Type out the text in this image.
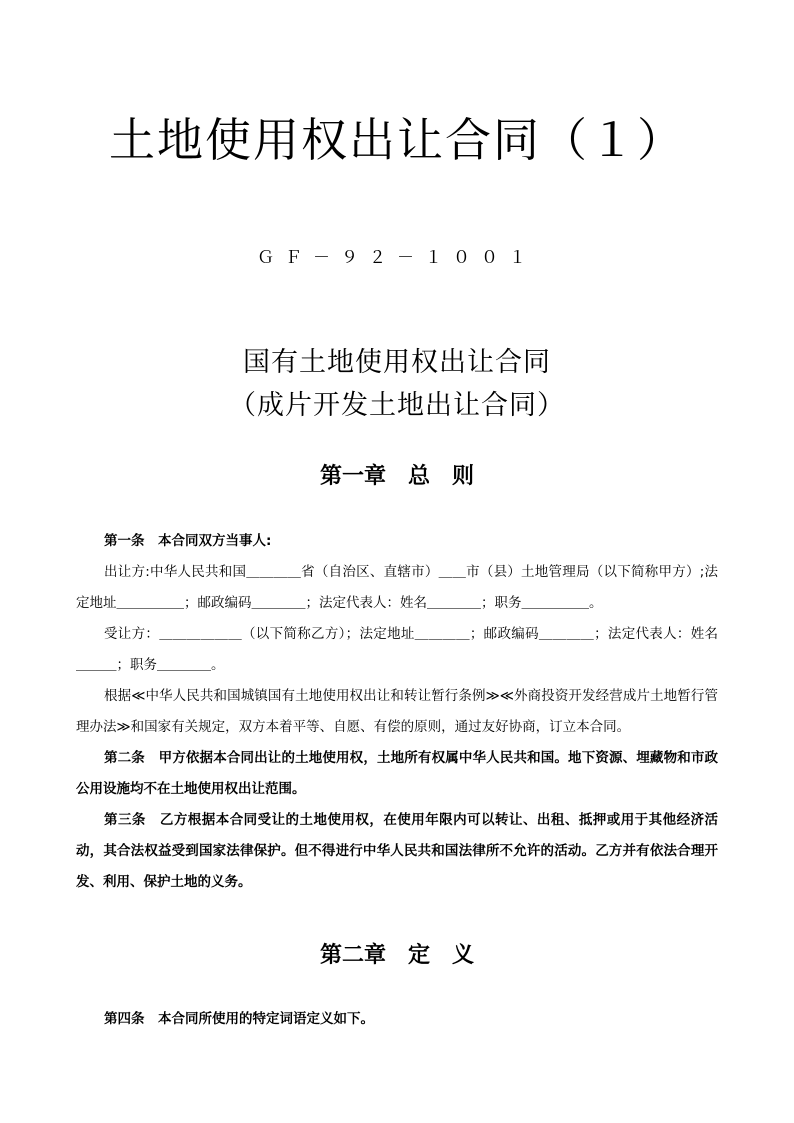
土地使用权出让合同（１）
ＧＦ－９２－１００１
国有土地使用权出让合同
（成片开发土地出让合同）
第一章　总　则

第一条　 本合同双方当事人:

出让方:中华人民共和国＿＿＿＿省（自治区、直辖市）＿＿市（县）土地管理局（以下简称甲方）;法定地址＿＿＿＿＿；邮政编码＿＿＿＿；法定代表人：姓名＿＿＿＿；职务＿＿＿＿＿。

受让方：＿＿＿＿＿＿（以下简称乙方）；法定地址＿＿＿＿；邮政编码＿＿＿＿；法定代表人：姓名＿＿＿；职务＿＿＿＿。

根据≪中华人民共和国城镇国有土地使用权出让和转让暂行条例≫≪外商投资开发经营成片土地暂行管理办法≫和国家有关规定，双方本着平等、自愿、有偿的原则，通过友好协商，订立本合同。

第二条　 甲方依据本合同出让的土地使用权，土地所有权属中华人民共和国。地下资源、埋藏物和市政公用设施均不在土地使用权出让范围。

第三条　 乙方根据本合同受让的土地使用权，在使用年限内可以转让、出租、抵押或用于其他经济活动，其合法权益受到国家法律保护。但不得进行中华人民共和国法律所不允许的活动。乙方并有依法合理开发、利用、保护土地的义务。

第二章　定　义

第四条　 本合同所使用的特定词语定义如下。
